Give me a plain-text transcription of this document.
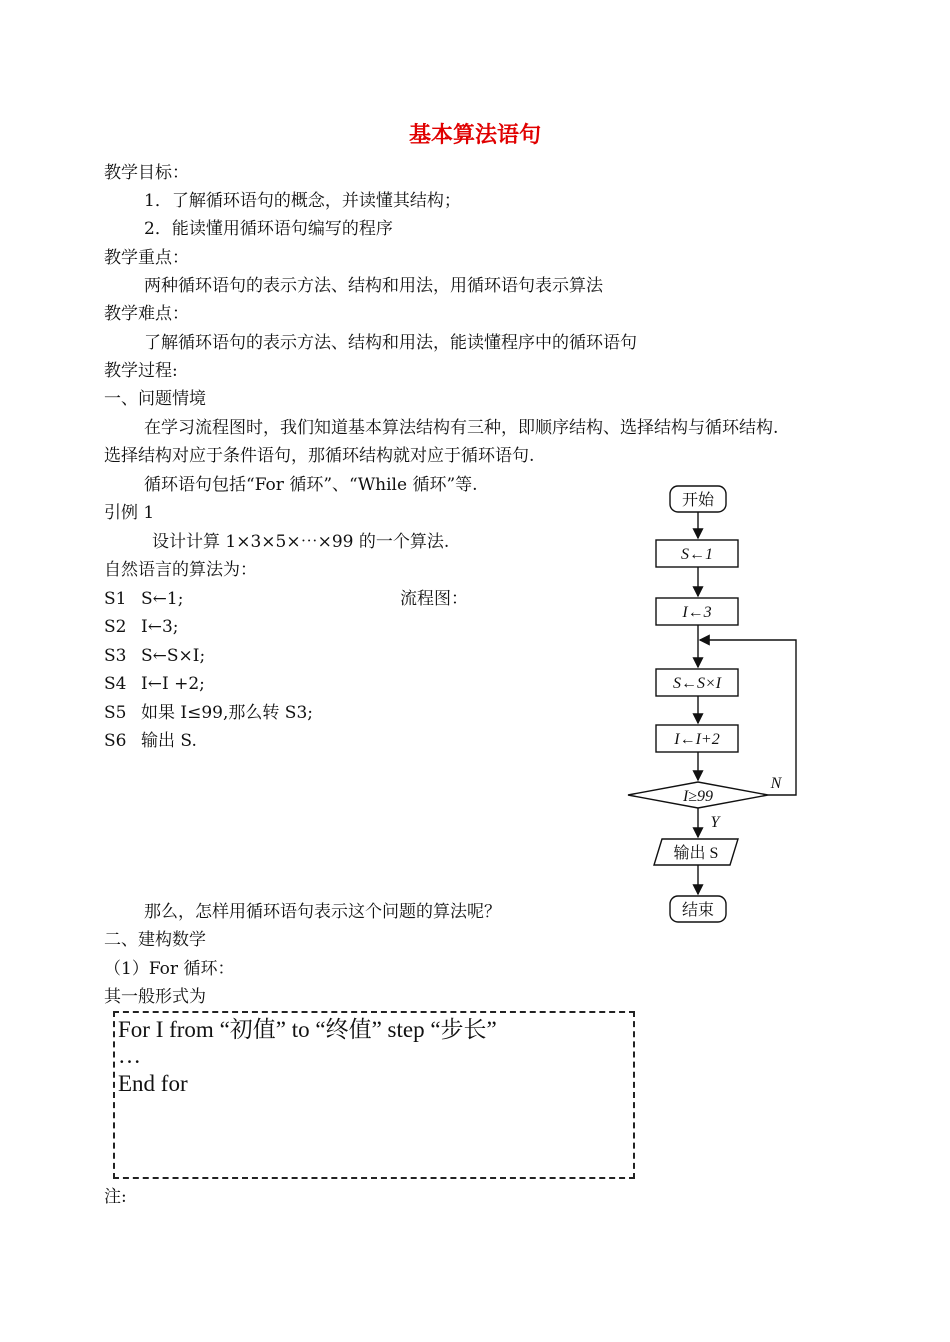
基本算法语句
教学目标：
1．了解循环语句的概念，并读懂其结构；
2．能读懂用循环语句编写的程序
教学重点：
两种循环语句的表示方法、结构和用法，用循环语句表示算法
教学难点：
了解循环语句的表示方法、结构和用法，能读懂程序中的循环语句
教学过程:
一、问题情境
在学习流程图时，我们知道基本算法结构有三种，即顺序结构、选择结构与循环结构.
选择结构对应于条件语句，那循环结构就对应于循环语句.
循环语句包括“For 循环”、“While 循环”等.
引例 1
设计计算 1×3×5×⋯×99 的一个算法.
自然语言的算法为：
流程图：
S1 S←1;
S2 I←3;
S3 S←S×I;
S4 I←I +2;
S5 如果 I≤99,那么转 S3;
S6 输出 S.
开始
S←1
I←3
S←S×I
I←I+2
I≥99
N
Y
输出 S
结束
那么，怎样用循环语句表示这个问题的算法呢？
二、建构数学
（1）For 循环：
其一般形式为
For I from “初值” to “终值” step “步长”
…
End for
注:
